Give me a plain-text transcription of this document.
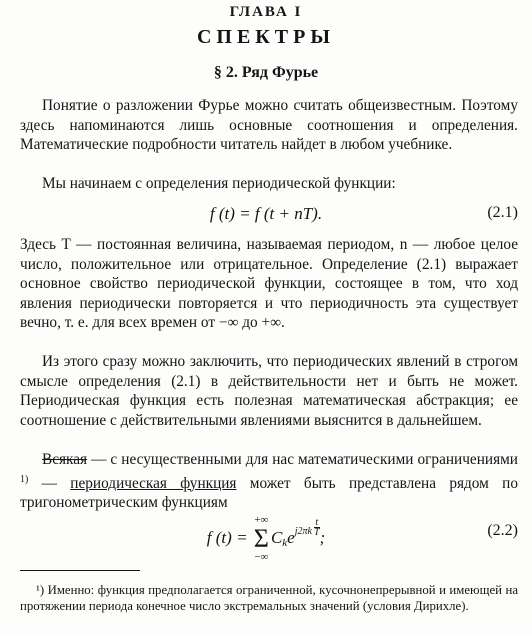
ГЛАВА I
СПЕКТРЫ
§ 2. Ряд Фурье

Понятие о разложении Фурье можно считать общеизвестным. Поэтому здесь напоминаются лишь основные соотношения и определения. Математические подробности читатель найдет в любом учебнике.

Мы начинаем с определения периодической функции:

f (t) = f (t + nT).	(2.1)

Здесь T — постоянная величина, называемая периодом, n — любое целое число, положительное или отрицательное. Определение (2.1) выражает основное свойство периодической функции, состоящее в том, что ход явления периодически повторяется и что периодичность эта существует вечно, т. е. для всех времен от −∞ до +∞.

Из этого сразу можно заключить, что периодических явлений в строгом смысле определения (2.1) в действительности нет и быть не может. Периодическая функция есть полезная математическая абстракция; ее соотношение с действительными явлениями выяснится в дальнейшем.

Всякая — с несущественными для нас математическими ограничениями $^{1)}$ — периодическая функция может быть представлена рядом по тригонометрическим функциям

f (t) =
+∞
Σ
−∞
$C_ke^{j2\pi k} \frac{t}{T}$
;	(2.2)

¹) Именно: функция предполагается ограниченной, кусочнонепрерывной и имеющей на протяжении периода конечное число экстремальных значений (условия Дирихле).
